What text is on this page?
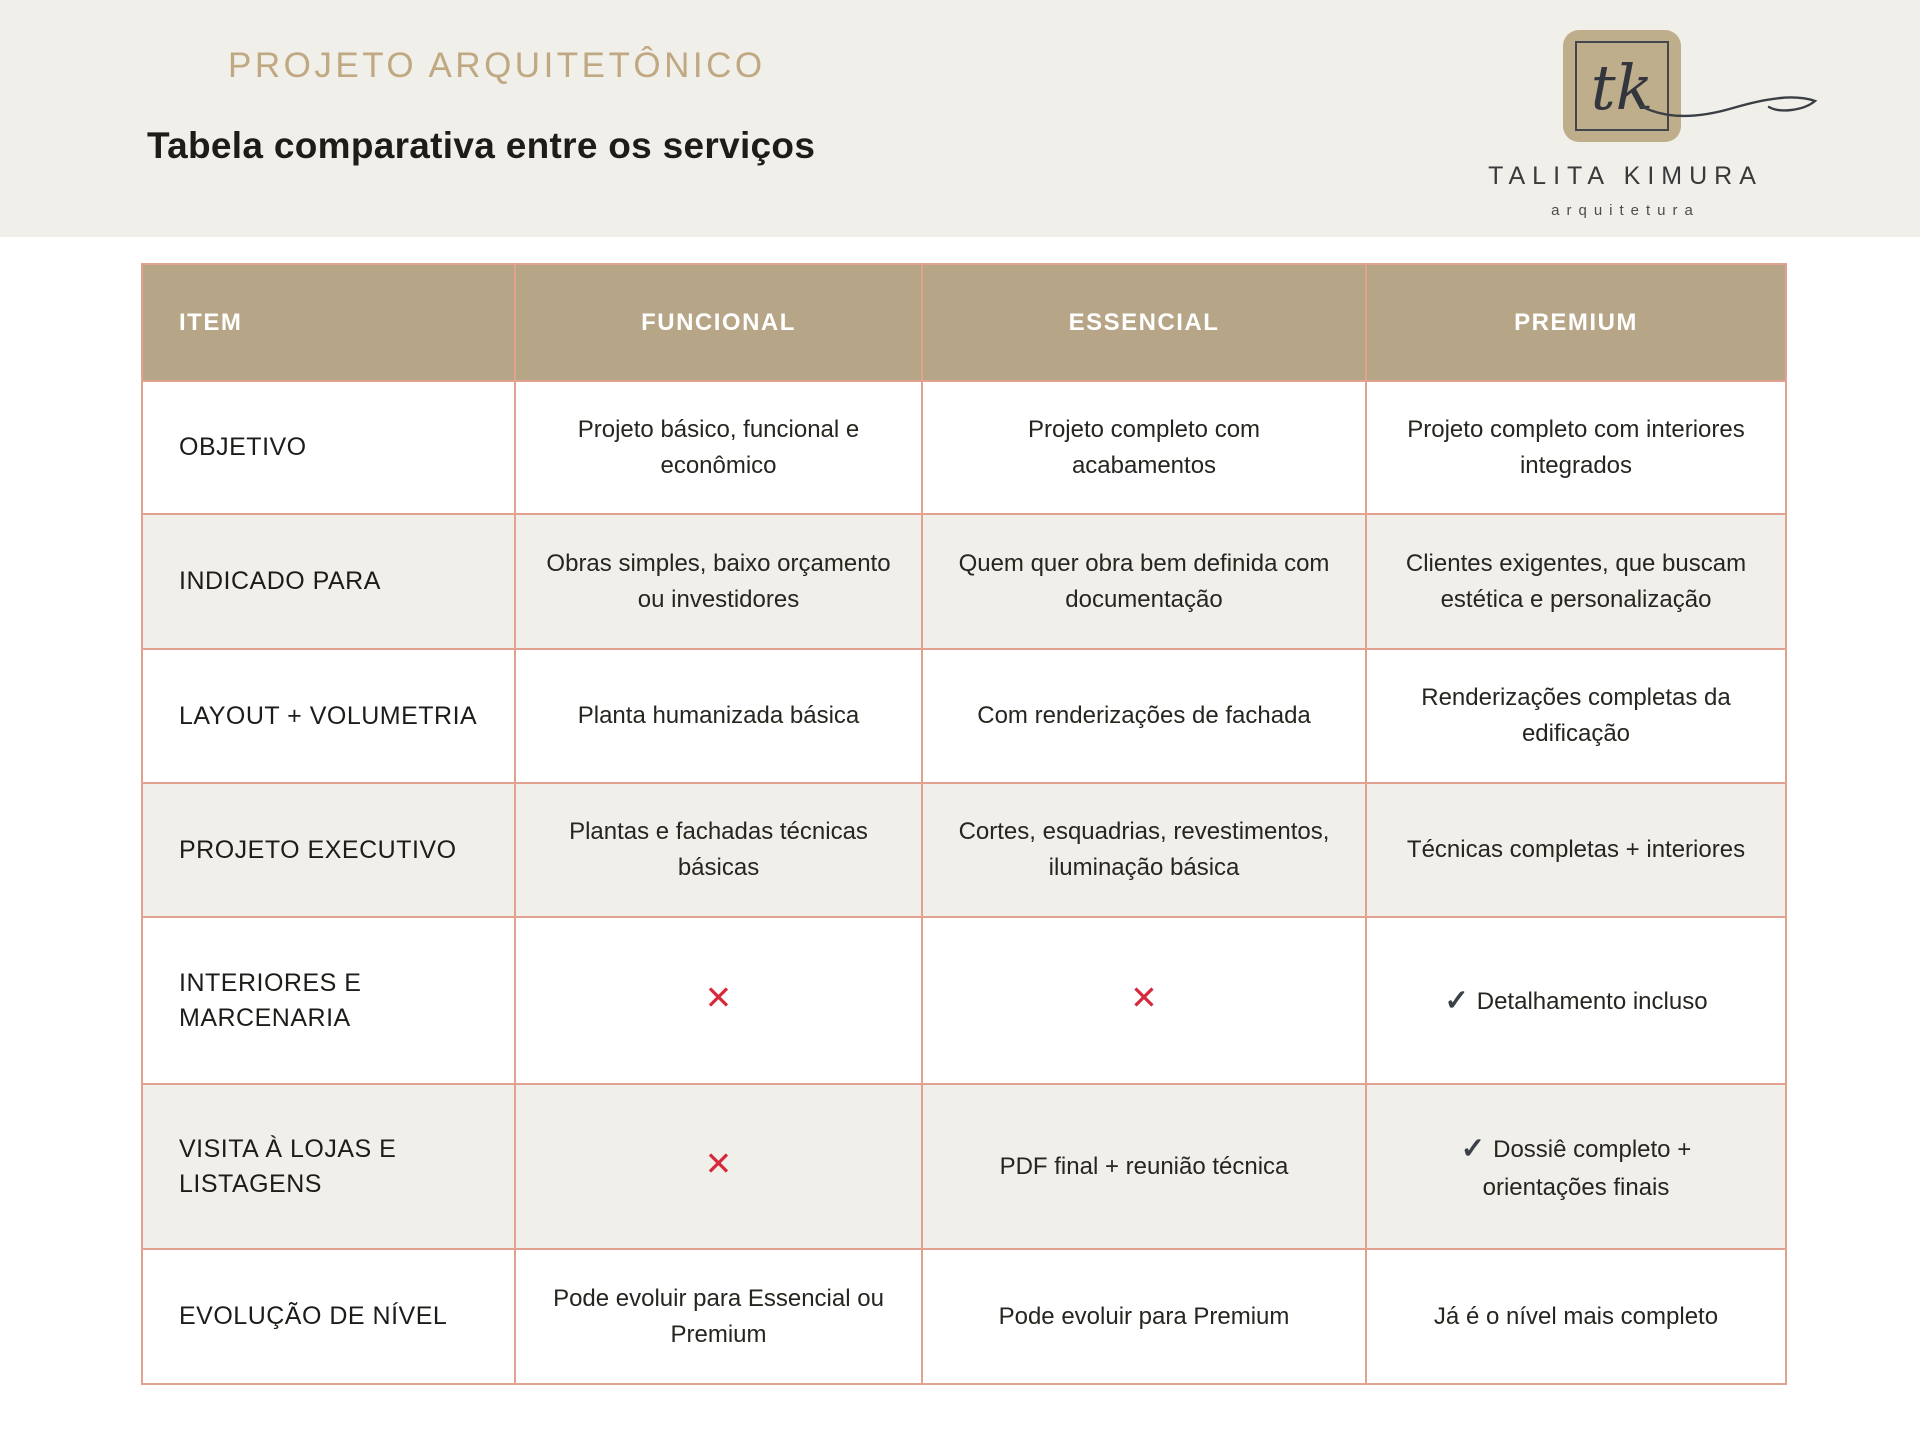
PROJETO ARQUITETÔNICO
Tabela comparativa entre os serviços
tk
TALITA KIMURA
arquitetura
ITEM	FUNCIONAL	ESSENCIAL	PREMIUM
OBJETIVO	Projeto básico, funcional e econômico	Projeto completo com acabamentos	Projeto completo com interiores integrados
INDICADO PARA	Obras simples, baixo orçamento ou investidores	Quem quer obra bem definida com documentação	Clientes exigentes, que buscam estética e personalização
LAYOUT + VOLUMETRIA	Planta humanizada básica	Com renderizações de fachada	Renderizações completas da edificação
PROJETO EXECUTIVO	Plantas e fachadas técnicas básicas	Cortes, esquadrias, revestimentos, iluminação básica	Técnicas completas + interiores
INTERIORES E MARCENARIA	✕	✕	✓ Detalhamento incluso
VISITA À LOJAS E LISTAGENS	✕	PDF final + reunião técnica	✓ Dossiê completo + orientações finais
EVOLUÇÃO DE NÍVEL	Pode evoluir para Essencial ou Premium	Pode evoluir para Premium	Já é o nível mais completo
